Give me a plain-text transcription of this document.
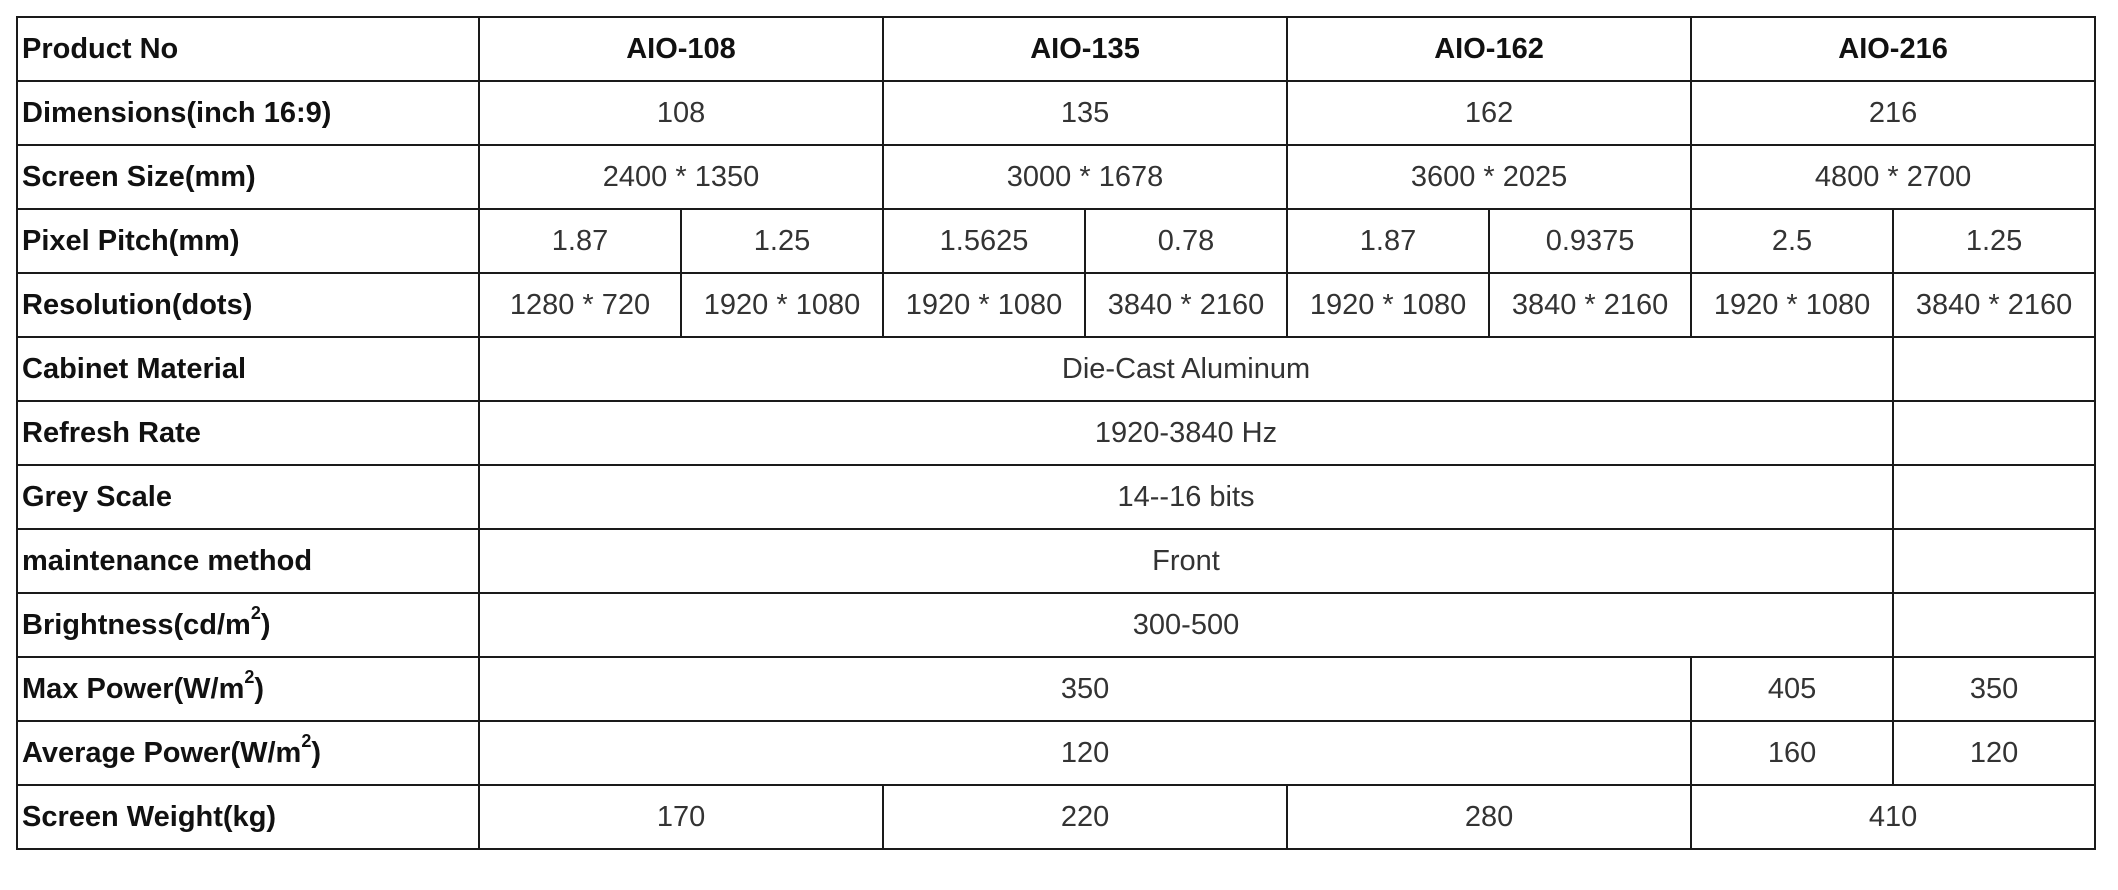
Product No	AIO-108		AIO-135		AIO-162		AIO-216	
Dimensions(inch 16:9)	108		135		162		216	
Screen Size(mm)	2400 * 1350		3000 * 1678		3600 * 2025		4800 * 2700	
Pixel Pitch(mm)	1.87	1.25	1.5625	0.78	1.87	0.9375	2.5	1.25
Resolution(dots)	1280 * 720	1920 * 1080	1920 * 1080	3840 * 2160	1920 * 1080	3840 * 2160	1920 * 1080	3840 * 2160
Cabinet Material	Die-Cast Aluminum							
Refresh Rate	1920-3840 Hz							
Grey Scale	14--16 bits							
maintenance method	Front							
$Brightness(cd/m^2)$	300-500							
Max $Power(W/m^2)$	350						405	350
Average $Power(W/m^2)$	120						160	120
Screen Weight(kg)	170		220		280		410	
